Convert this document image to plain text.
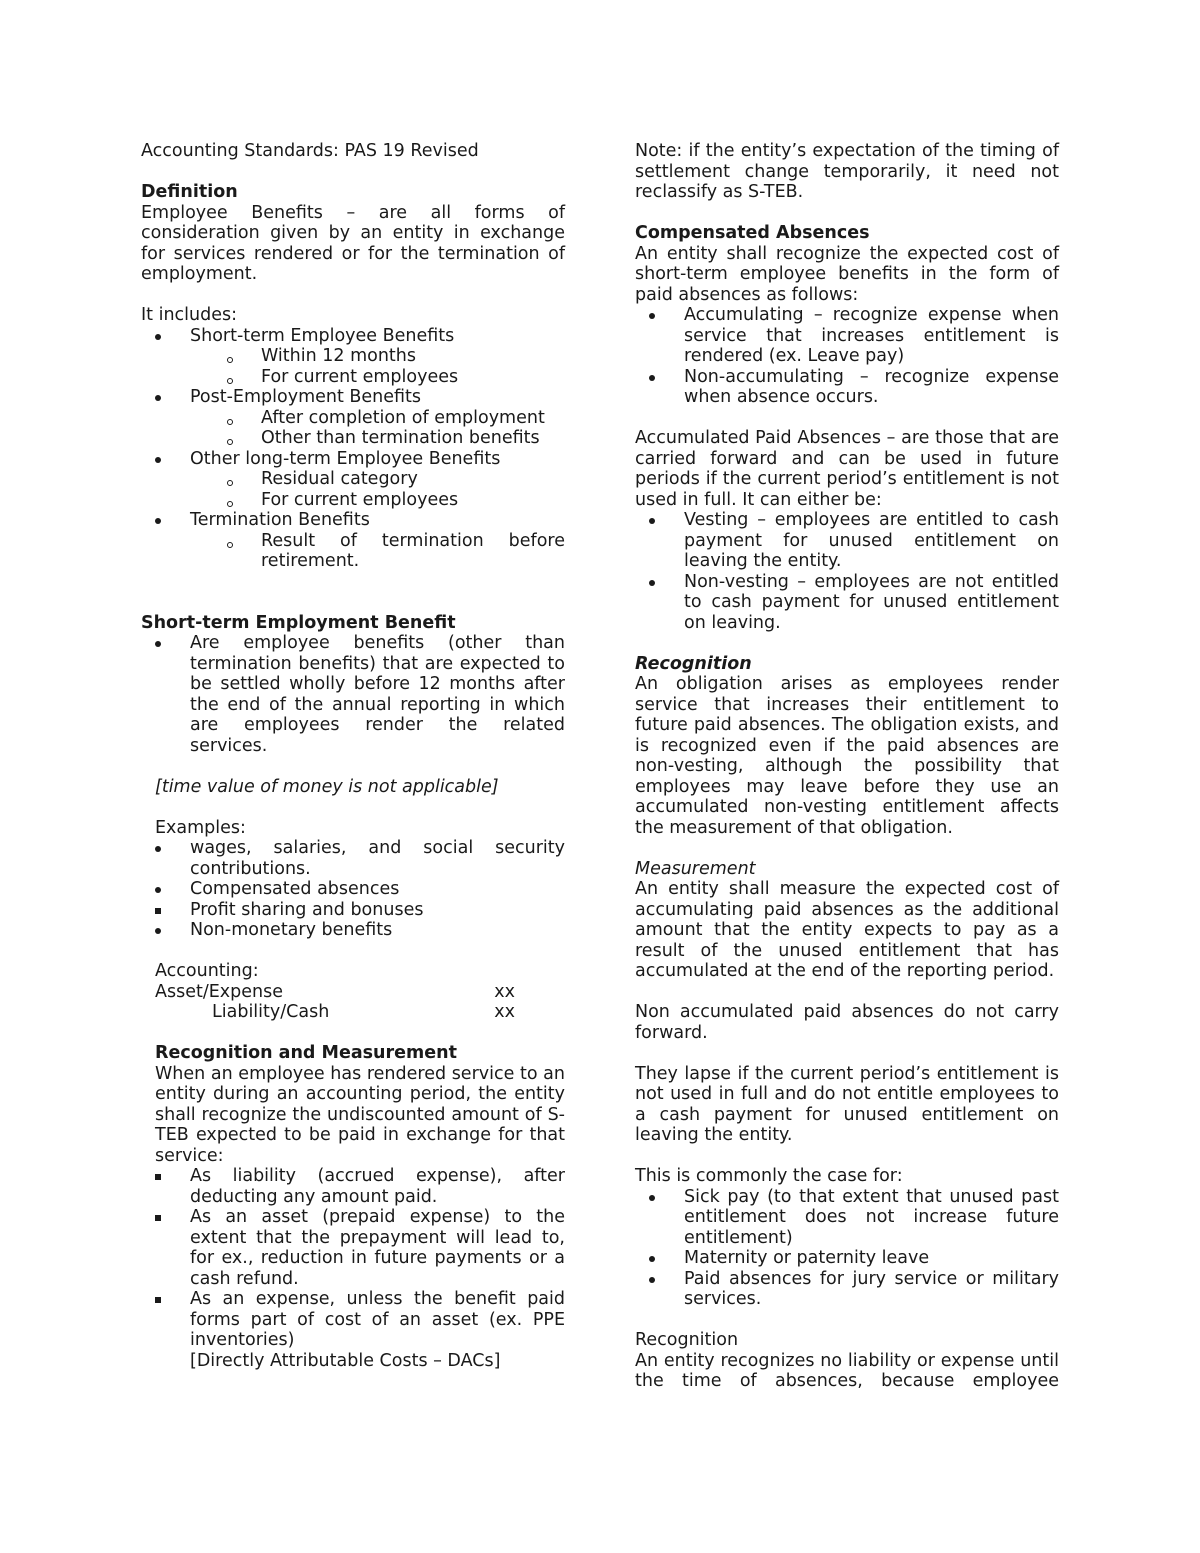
Accounting Standards: PAS 19 Revised

Definition

Employee Benefits – are all forms of consideration given by an entity in exchange for services rendered or for the termination of employment.

It includes:

Short-term Employee Benefits
Within 12 months
For current employees
Post-Employment Benefits
After completion of employment
Other than termination benefits
Other long-term Employee Benefits
Residual category
For current employees
Termination Benefits
Result of termination before retirement.

Short-term Employment Benefit

Are employee benefits (other than termination benefits) that are expected to be settled wholly before 12 months after the end of the annual reporting in which are employees render the related services.

[time value of money is not applicable]

Examples:

wages, salaries, and social security contributions.
Compensated absences
Profit sharing and bonuses
Non-monetary benefits

Accounting:

Asset/Expense	xx
Liability/Cash	xx

Recognition and Measurement

When an employee has rendered service to an entity during an accounting period, the entity shall recognize the undiscounted amount of S-TEB expected to be paid in exchange for that service:

As liability (accrued expense), after deducting any amount paid.
As an asset (prepaid expense) to the extent that the prepayment will lead to, for ex., reduction in future payments or a cash refund.
As an expense, unless the benefit paid forms part of cost of an asset (ex. PPE inventories)

[Directly Attributable Costs – DACs]

Note: if the entity’s expectation of the timing of settlement change temporarily, it need not reclassify as S-TEB.

Compensated Absences

An entity shall recognize the expected cost of short-term employee benefits in the form of paid absences as follows:

Accumulating – recognize expense when service that increases entitlement is rendered (ex. Leave pay)
Non-accumulating – recognize expense when absence occurs.

Accumulated Paid Absences – are those that are carried forward and can be used in future periods if the current period’s entitlement is not used in full. It can either be:

Vesting – employees are entitled to cash payment for unused entitlement on leaving the entity.
Non-vesting – employees are not entitled to cash payment for unused entitlement on leaving.

Recognition

An obligation arises as employees render service that increases their entitlement to future paid absences. The obligation exists, and is recognized even if the paid absences are non-vesting, although the possibility that employees may leave before they use an accumulated non-vesting entitlement affects the measurement of that obligation.

Measurement

An entity shall measure the expected cost of accumulating paid absences as the additional amount that the entity expects to pay as a result of the unused entitlement that has accumulated at the end of the reporting period.

Non accumulated paid absences do not carry forward.

They lapse if the current period’s entitlement is not used in full and do not entitle employees to a cash payment for unused entitlement on leaving the entity.

This is commonly the case for:

Sick pay (to that extent that unused past entitlement does not increase future entitlement)
Maternity or paternity leave
Paid absences for jury service or military services.

Recognition

An entity recognizes no liability or expense until the time of absences, because employee
